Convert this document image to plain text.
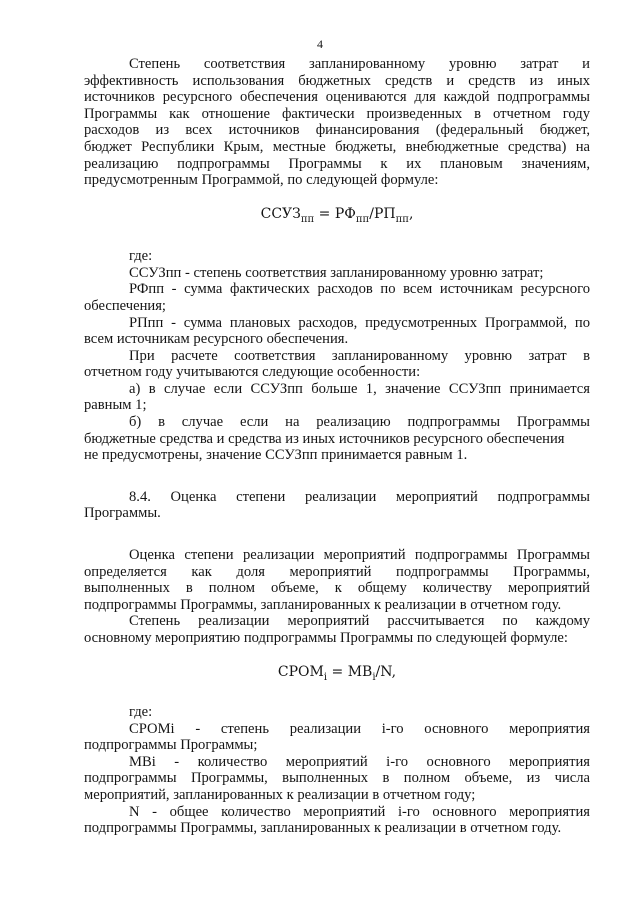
4

Степень соответствия запланированному уровню затрат и

эффективность использования бюджетных средств и средств из иных

источников ресурсного обеспечения оцениваются для каждой подпрограммы

Программы как отношение фактически произведенных в отчетном году

расходов из всех источников финансирования (федеральный бюджет,

бюджет Республики Крым, местные бюджеты, внебюджетные средства) на

реализацию подпрограммы Программы к их плановым значениям,

предусмотренным Программой, по следующей формуле:

$ССУЗ_{пп} = РФ_{пп}/РП_{пп}$,

где:

ССУЗпп - степень соответствия запланированному уровню затрат;

РФпп - сумма фактических расходов по всем источникам ресурсного

обеспечения;

РПпп - сумма плановых расходов, предусмотренных Программой, по

всем источникам ресурсного обеспечения.

При расчете соответствия запланированному уровню затрат в

отчетном году учитываются следующие особенности:

а) в случае если ССУЗпп больше 1, значение ССУЗпп принимается

равным 1;

б) в случае если на реализацию подпрограммы Программы

бюджетные средства и средства из иных источников ресурсного обеспечения

не предусмотрены, значение ССУЗпп принимается равным 1.

8.4. Оценка степени реализации мероприятий подпрограммы

Программы.

Оценка степени реализации мероприятий подпрограммы Программы

определяется как доля мероприятий подпрограммы Программы,

выполненных в полном объеме, к общему количеству мероприятий

подпрограммы Программы, запланированных к реализации в отчетном году.

Степень реализации мероприятий рассчитывается по каждому

основному мероприятию подпрограммы Программы по следующей формуле:

$СРОМ_i = МВ_i/N$,

где:

СРОМi - степень реализации i-го основного мероприятия

подпрограммы Программы;

МВi - количество мероприятий i-го основного мероприятия

подпрограммы Программы, выполненных в полном объеме, из числа

мероприятий, запланированных к реализации в отчетном году;

N - общее количество мероприятий i-го основного мероприятия

подпрограммы Программы, запланированных к реализации в отчетном году.
